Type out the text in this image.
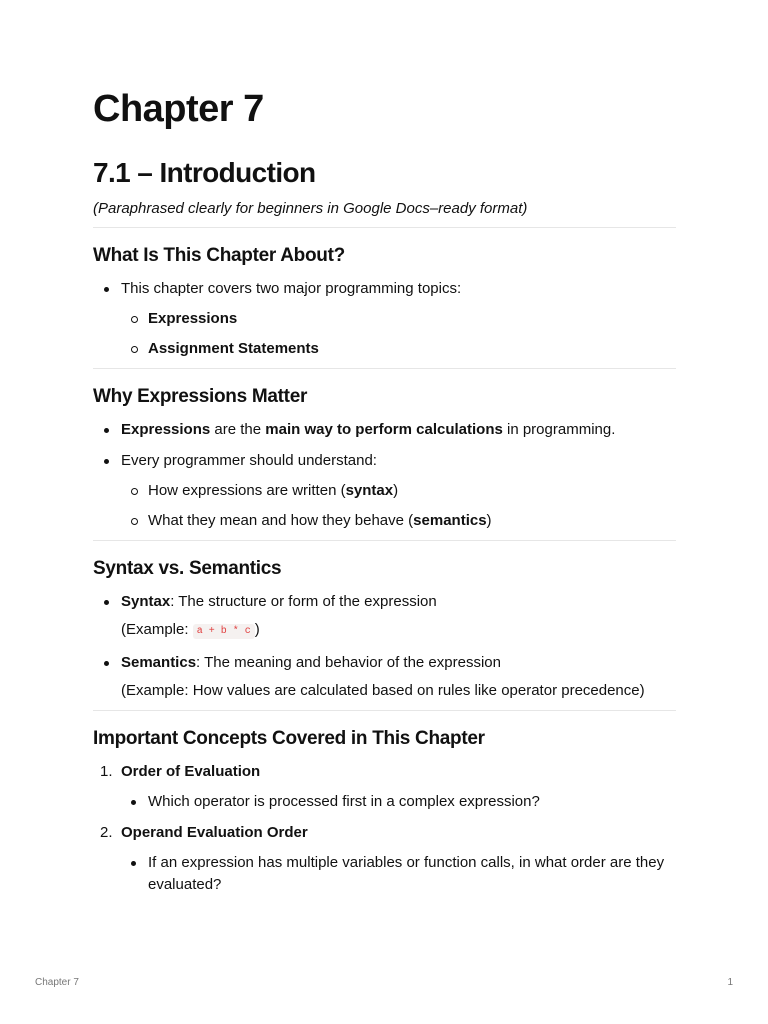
Chapter 7
7.1 – Introduction
(Paraphrased clearly for beginners in Google Docs–ready format)
What Is This Chapter About?
This chapter covers two major programming topics:
Expressions
Assignment Statements
Why Expressions Matter
Expressions are the main way to perform calculations in programming.
Every programmer should understand:
How expressions are written (syntax)
What they mean and how they behave (semantics)
Syntax vs. Semantics
Syntax: The structure or form of the expression
(Example: a + b * c )
Semantics: The meaning and behavior of the expression
(Example: How values are calculated based on rules like operator precedence)
Important Concepts Covered in This Chapter
1. Order of Evaluation
Which operator is processed first in a complex expression?
2. Operand Evaluation Order
If an expression has multiple variables or function calls, in what order are they evaluated?
Chapter 7	1
